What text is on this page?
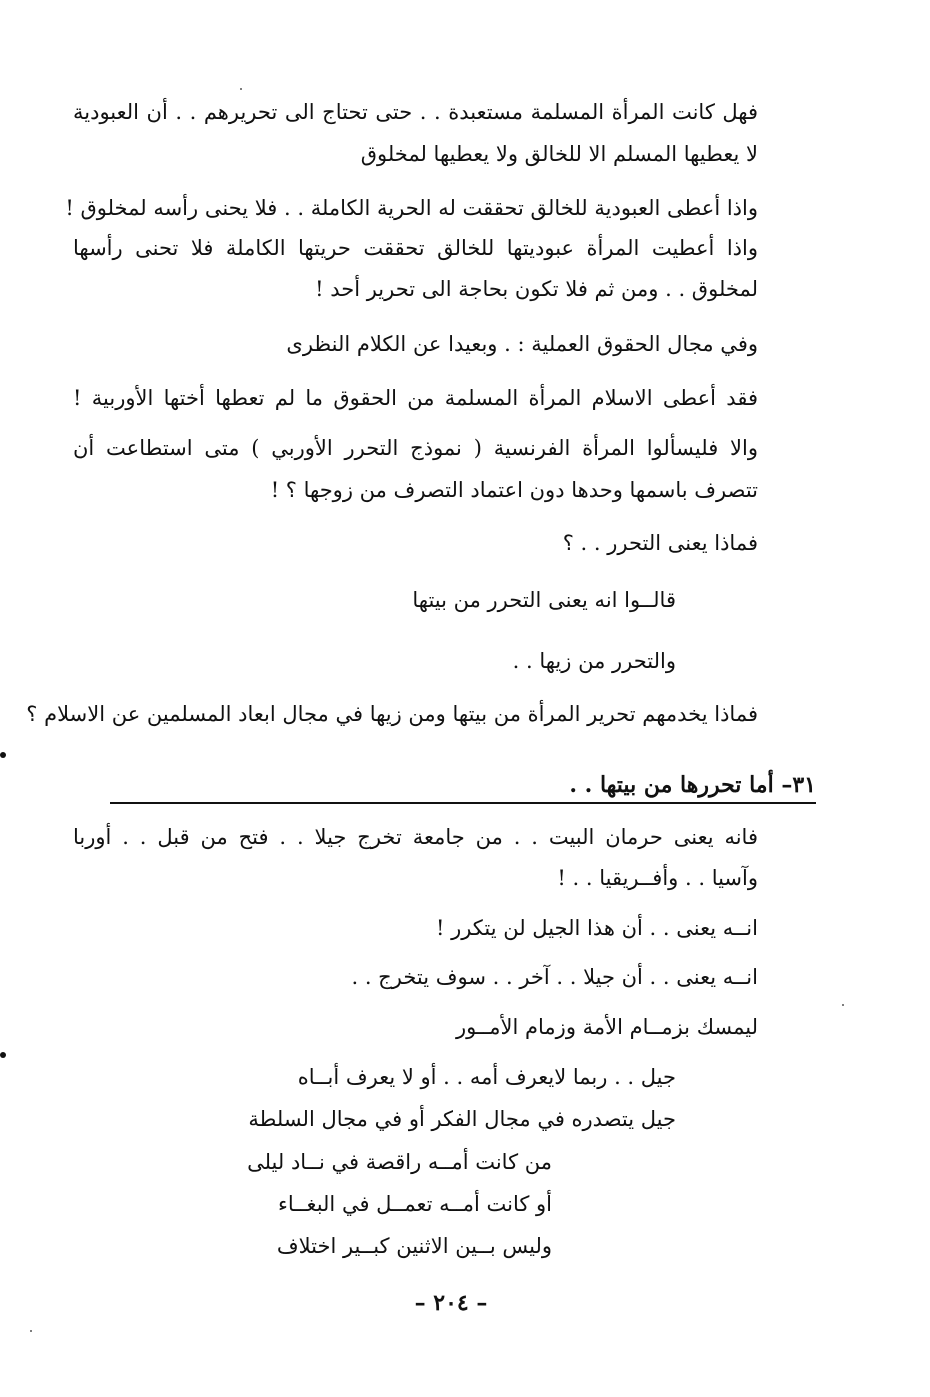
فهل كانت المرأة المسلمة مستعبدة . . حتى تحتاج الى تحريرهم . . أن العبودية
لا يعطيها المسلم الا للخالق ولا يعطيها لمخلوق
واذا أعطى العبودية للخالق تحققت له الحرية الكاملة . . فلا يحنى رأسه لمخلوق !
واذا أعطيت المرأة عبوديتها للخالق تحققت حريتها الكاملة فلا تحنى رأسها
لمخلوق . . ومن ثم فلا تكون بحاجة الى تحرير أحد !
وفي مجال الحقوق العملية : . وبعيدا عن الكلام النظرى
فقد أعطى الاسلام المرأة المسلمة من الحقوق ما لم تعطها أختها الأوربية !
والا فليسألوا المرأة الفرنسية ( نموذج التحرر الأوربي ) متى استطاعت أن
تتصرف باسمها وحدها دون اعتماد التصرف من زوجها ؟ !
فماذا يعنى التحرر . . ؟
قالــوا انه يعنى التحرر من بيتها
والتحرر من زيها . .
فماذا يخدمهم تحرير المرأة من بيتها ومن زيها في مجال ابعاد المسلمين عن الاسلام ؟
٣١– أما تحررها من بيتها . .
فانه يعنى حرمان البيت . . من جامعة تخرج جيلا . . فتح من قبل . . أوربا
وآسيا . . وأفــريقيا . . !
انــه يعنى . . أن هذا الجيل لن يتكرر !
انــه يعنى . . أن جيلا . . آخر . . سوف يتخرج . .
ليمسك بزمــام الأمة وزمام الأمــور
جيل . . ربما لايعرف أمه . . أو لا يعرف أبــاه
جيل يتصدره في مجال الفكر أو في مجال السلطة
من كانت أمــه راقصة في نــاد ليلى
أو كانت أمــه تعمــل في البغــاء
وليس بــين الاثنين كبــير اختلاف
– ٢٠٤ –
